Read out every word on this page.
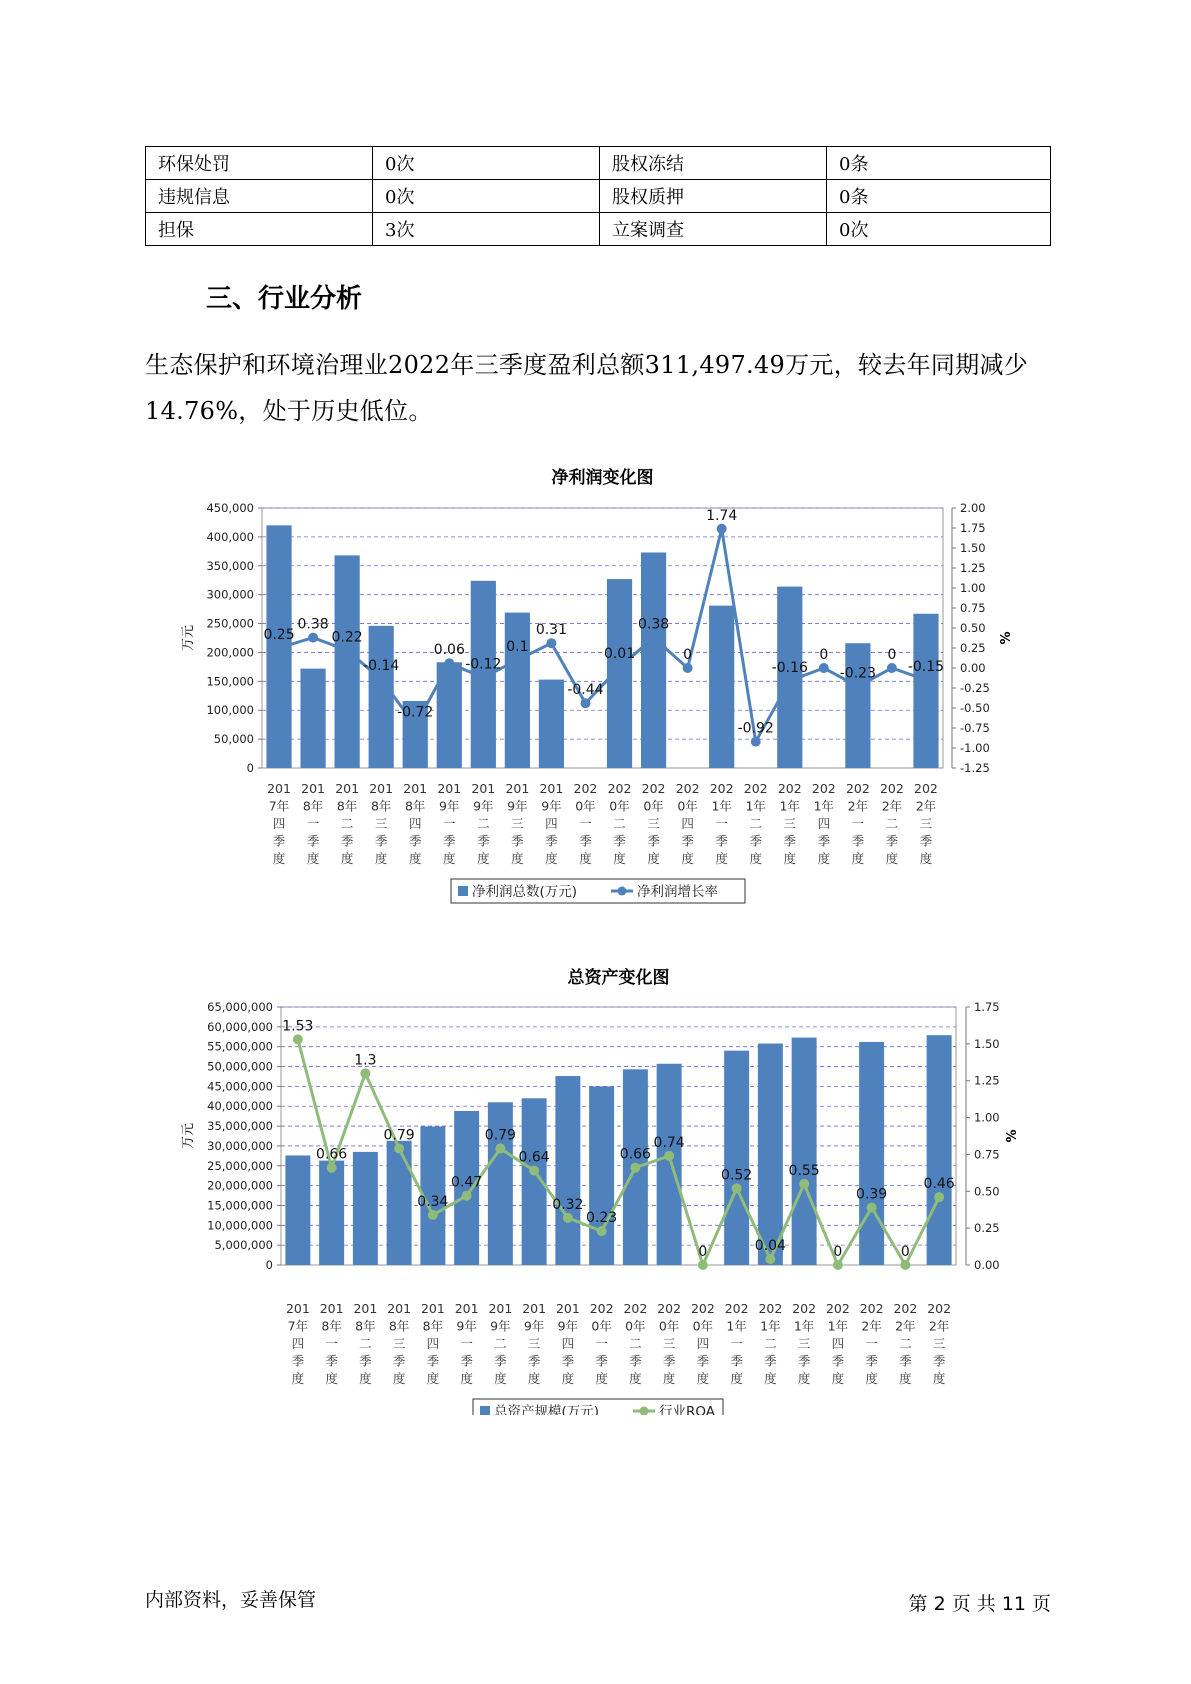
环保处罚	0次	股权冻结	0条
违规信息	0次	股权质押	0条
担保	3次	立案调查	0次
三、行业分析

生态保护和环境治理业2022年三季度盈利总额311,497.49万元，较去年同期减少14.76%，处于历史低位。

净利润变化图
0
50,000
100,000
150,000
200,000
250,000
300,000
350,000
400,000
450,000
-1.25
-1.00
-0.75
-0.50
-0.25
0.00
0.25
0.50
0.75
1.00
1.25
1.50
1.75
2.00
万元	%
0.25
0.38
0.22
-0.14
-0.72
0.06
-0.12
0.1
0.31
-0.44
0.01
0.38
0
1.74
-0.92
-0.16
0
-0.23
0
-0.15
201
7年
四
季
度
201
8年
一
季
度
201
8年
二
季
度
201
8年
三
季
度
201
8年
四
季
度
201
9年
一
季
度
201
9年
二
季
度
201
9年
三
季
度
201
9年
四
季
度
202
0年
一
季
度
202
0年
二
季
度
202
0年
三
季
度
202
0年
四
季
度
202
1年
一
季
度
202
1年
二
季
度
202
1年
三
季
度
202
1年
四
季
度
202
2年
一
季
度
202
2年
二
季
度
202
2年
三
季
度
净利润总数(万元)	净利润增长率
总资产变化图
0
5,000,000
10,000,000
15,000,000
20,000,000
25,000,000
30,000,000
35,000,000
40,000,000
45,000,000
50,000,000
55,000,000
60,000,000
65,000,000
0.00
0.25
0.50
0.75
1.00
1.25
1.50
1.75
万元	%
1.53
0.66
1.3
0.79
0.34
0.47
0.79
0.64
0.32
0.23
0.66
0.74
0
0.52
0.04
0.55
0
0.39
0
0.46
201
7年
四
季
度
201
8年
一
季
度
201
8年
二
季
度
201
8年
三
季
度
201
8年
四
季
度
201
9年
一
季
度
201
9年
二
季
度
201
9年
三
季
度
201
9年
四
季
度
202
0年
一
季
度
202
0年
二
季
度
202
0年
三
季
度
202
0年
四
季
度
202
1年
一
季
度
202
1年
二
季
度
202
1年
三
季
度
202
1年
四
季
度
202
2年
一
季
度
202
2年
二
季
度
202
2年
三
季
度
总资产规模(万元)	行业ROA
内部资料，妥善保管	第 2 页 共 11 页
